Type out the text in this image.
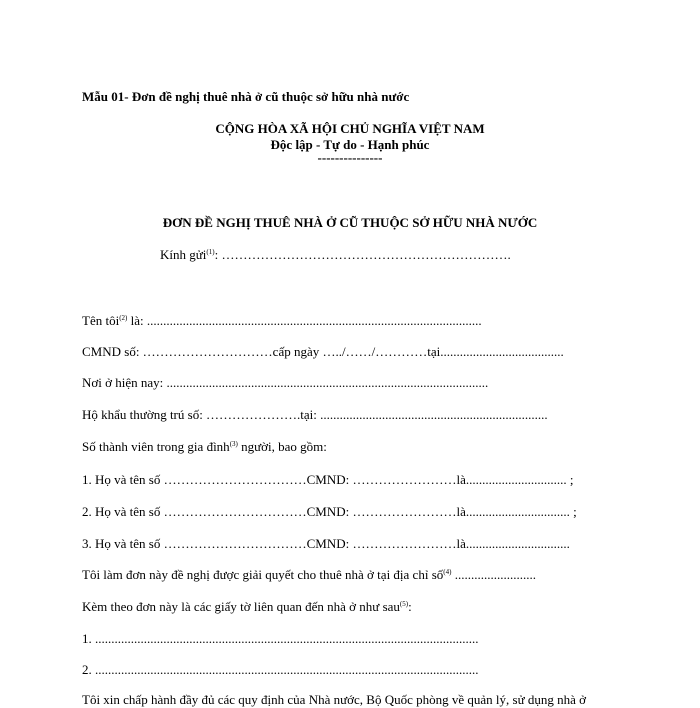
Mẫu 01- Đơn đề nghị thuê nhà ở cũ thuộc sở hữu nhà nước
CỘNG HÒA XÃ HỘI CHỦ NGHĨA VIỆT NAM
Độc lập - Tự do - Hạnh phúc
---------------
ĐƠN ĐỀ NGHỊ THUÊ NHÀ Ở CŨ THUỘC SỞ HỮU NHÀ NƯỚC
Kính gửi$^{(1)}$: ………………………………………………………….
Tên tôi$^{(2)}$ là: .......................................................................................................
CMND số: …………………………cấp ngày …../……/…………tại......................................
Nơi ở hiện nay: ...................................................................................................
Hộ khẩu thường trú số: ………………….tại: ......................................................................
Số thành viên trong gia đình$^{(3)}$ người, bao gồm:
1. Họ và tên số ……………………………CMND: ……………………là............................... ;
2. Họ và tên số ……………………………CMND: ……………………là................................ ;
3. Họ và tên số ……………………………CMND: ……………………là................................
Tôi làm đơn này đề nghị được giải quyết cho thuê nhà ở tại địa chỉ số$^{(4)}$ .........................
Kèm theo đơn này là các giấy tờ liên quan đến nhà ở như sau$^{(5)}$:
1. ......................................................................................................................
2. ......................................................................................................................
Tôi xin chấp hành đầy đủ các quy định của Nhà nước, Bộ Quốc phòng về quản lý, sử dụng nhà ở
